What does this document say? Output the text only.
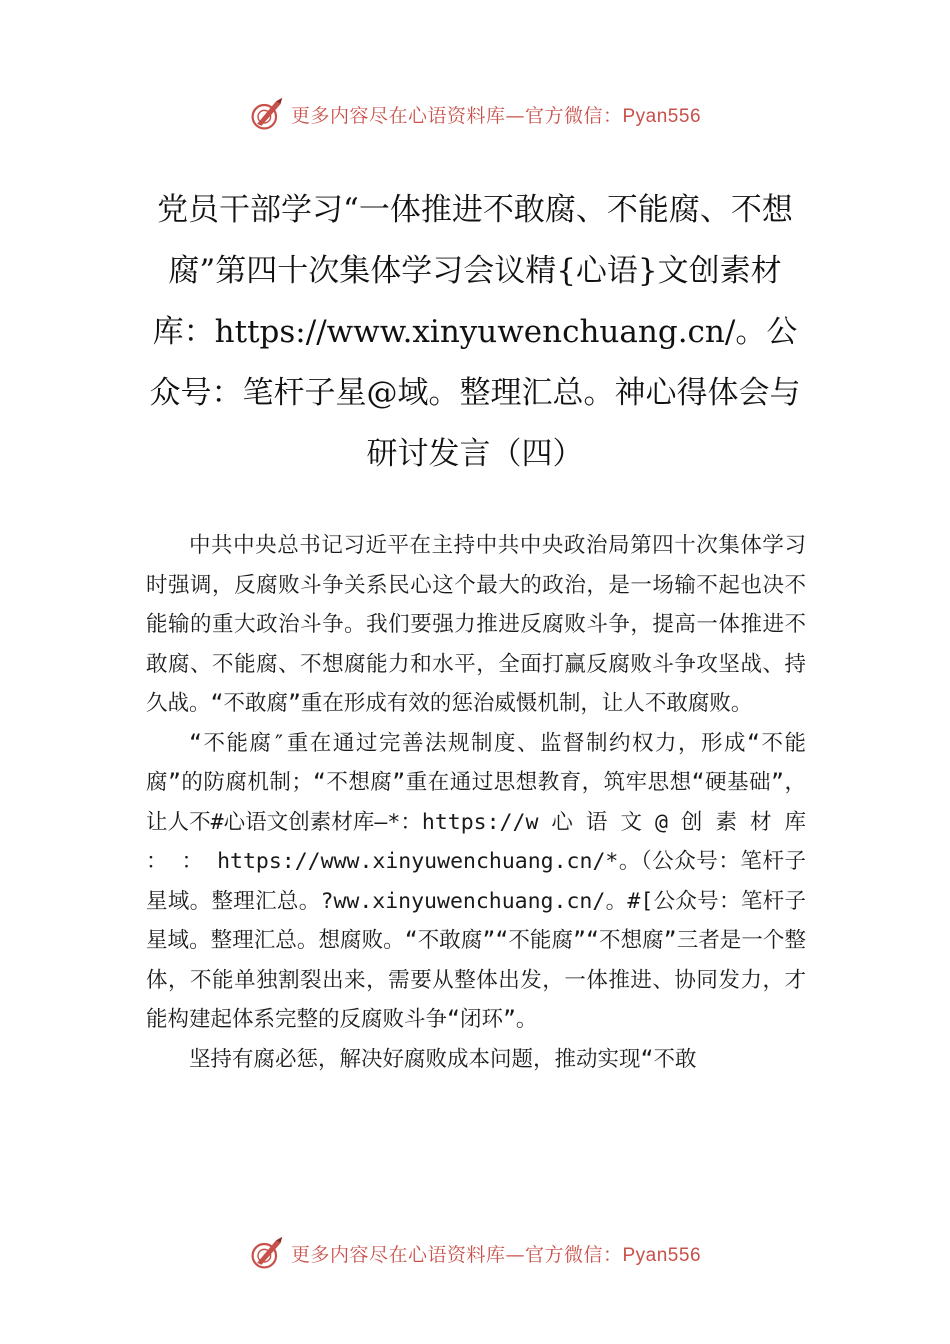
更多内容尽在心语资料库—官方微信：Pyan556
党员干部学习“一体推进不敢腐、不能腐、不想腐”第四十次集体学习会议精{心语}文创素材库：https://www.xinyuwenchuang.cn/。公众号：笔杆子星@域。整理汇总。神心得体会与研讨发言（四）

中共中央总书记习近平在主持中共中央政治局第四十次集体学习时强调，反腐败斗争关系民心这个最大的政治，是一场输不起也决不能输的重大政治斗争。我们要强力推进反腐败斗争，提高一体推进不敢腐、不能腐、不想腐能力和水平，全面打赢反腐败斗争攻坚战、持久战。“不敢腐”重在形成有效的惩治威慑机制，让人不敢腐败。

“不能腐″重在通过完善法规制度、监督制约权力，形成“不能腐”的防腐机制；“不想腐”重在通过思想教育，筑牢思想“硬基础”，让人不#心语文创素材库—*：https://w 心 语 文 @ 创 素 材 库 ： ： https://www.xinyuwenchuang.cn/*。（公众号：笔杆子星域。整理汇总。?ww.xinyuwenchuang.cn/。#[公众号：笔杆子星域。整理汇总。想腐败。“不敢腐”“不能腐”“不想腐”三者是一个整体，不能单独割裂出来，需要从整体出发，一体推进、协同发力，才能构建起体系完整的反腐败斗争“闭环”。

坚持有腐必惩，解决好腐败成本问题，推动实现“不敢

更多内容尽在心语资料库—官方微信：Pyan556
